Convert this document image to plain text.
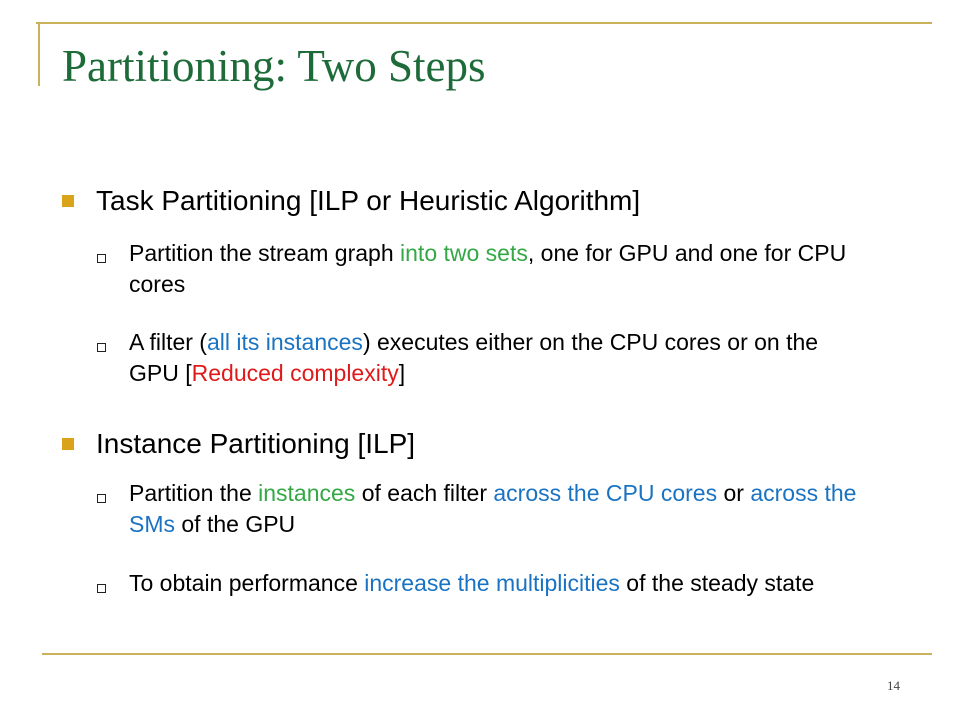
Partitioning: Two Steps
Task Partitioning [ILP or Heuristic Algorithm]
Partition the stream graph into two sets, one for GPU and one for CPU cores
A filter (all its instances) executes either on the CPU cores or on the GPU [Reduced complexity]
Instance Partitioning [ILP]
Partition the instances of each filter across the CPU cores or across the SMs of the GPU
To obtain performance increase the multiplicities of the steady state
14
